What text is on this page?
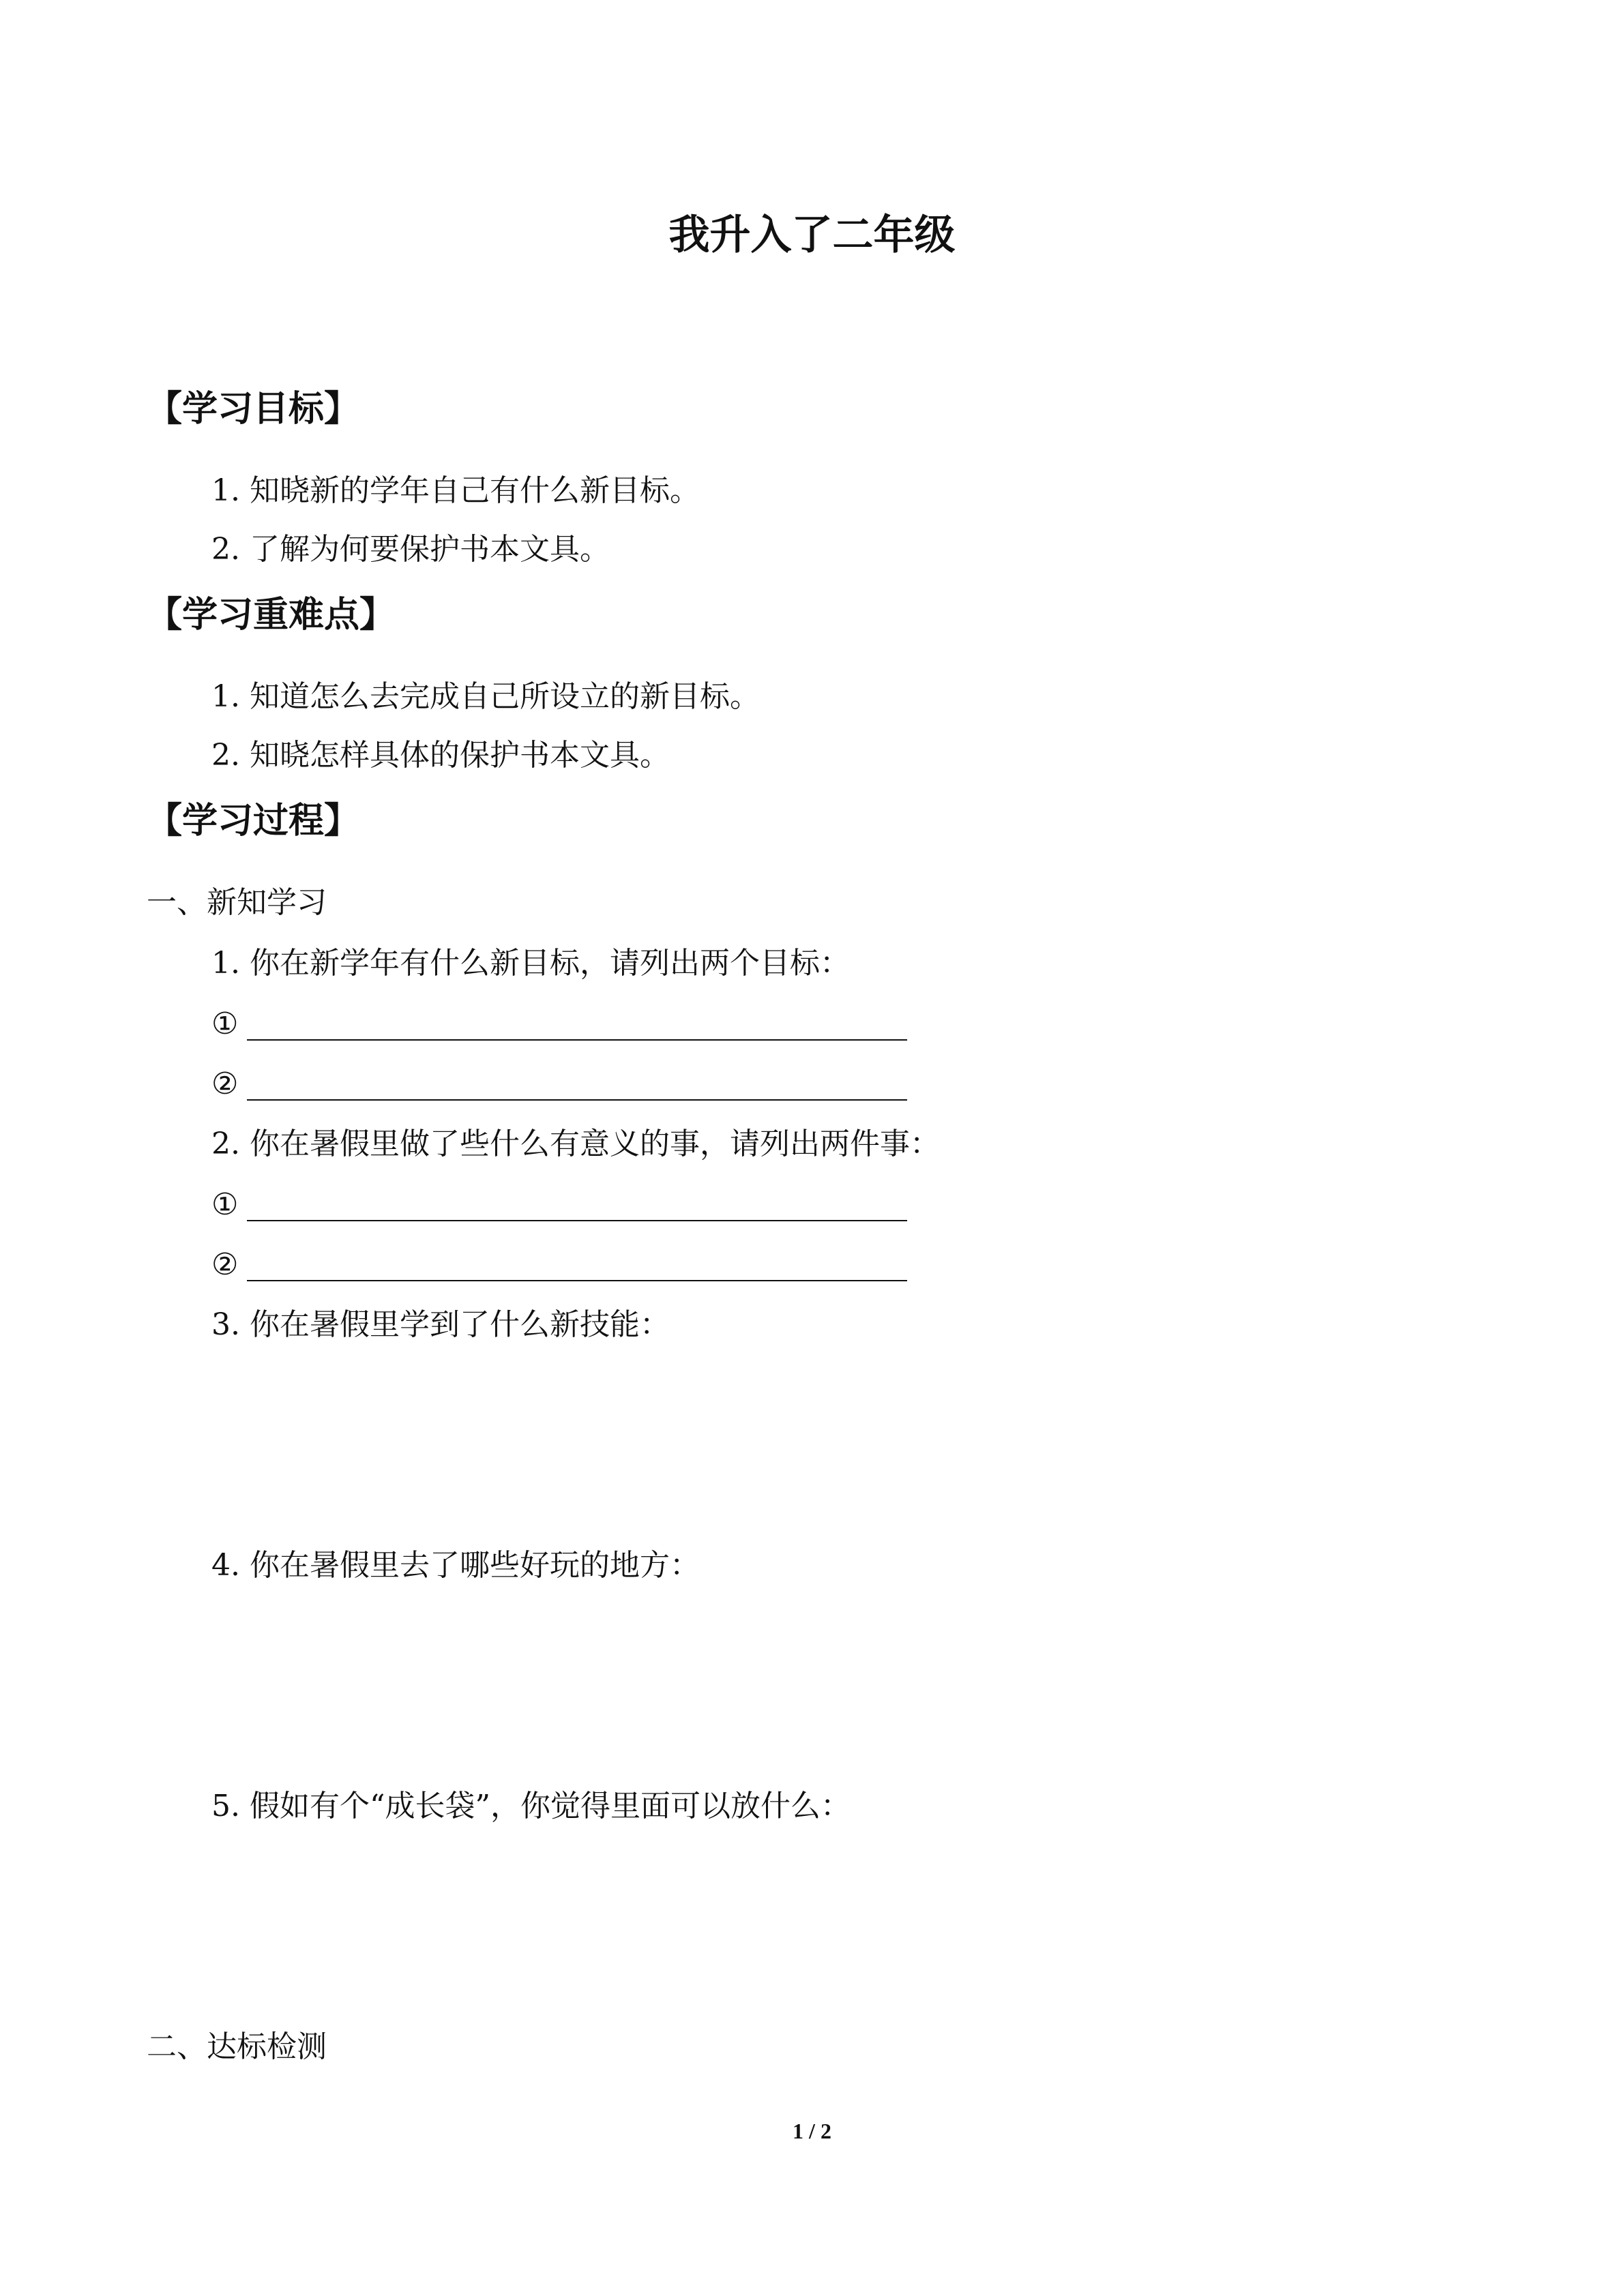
我升入了二年级
【学习目标】
1. 知晓新的学年自己有什么新目标。
2. 了解为何要保护书本文具。
【学习重难点】
1. 知道怎么去完成自己所设立的新目标。
2. 知晓怎样具体的保护书本文具。
【学习过程】
一、新知学习
1. 你在新学年有什么新目标，请列出两个目标：
①
②
2. 你在暑假里做了些什么有意义的事，请列出两件事：
①
②
3. 你在暑假里学到了什么新技能：
4. 你在暑假里去了哪些好玩的地方：
5. 假如有个“成长袋”，你觉得里面可以放什么：
二、达标检测
1 / 2
